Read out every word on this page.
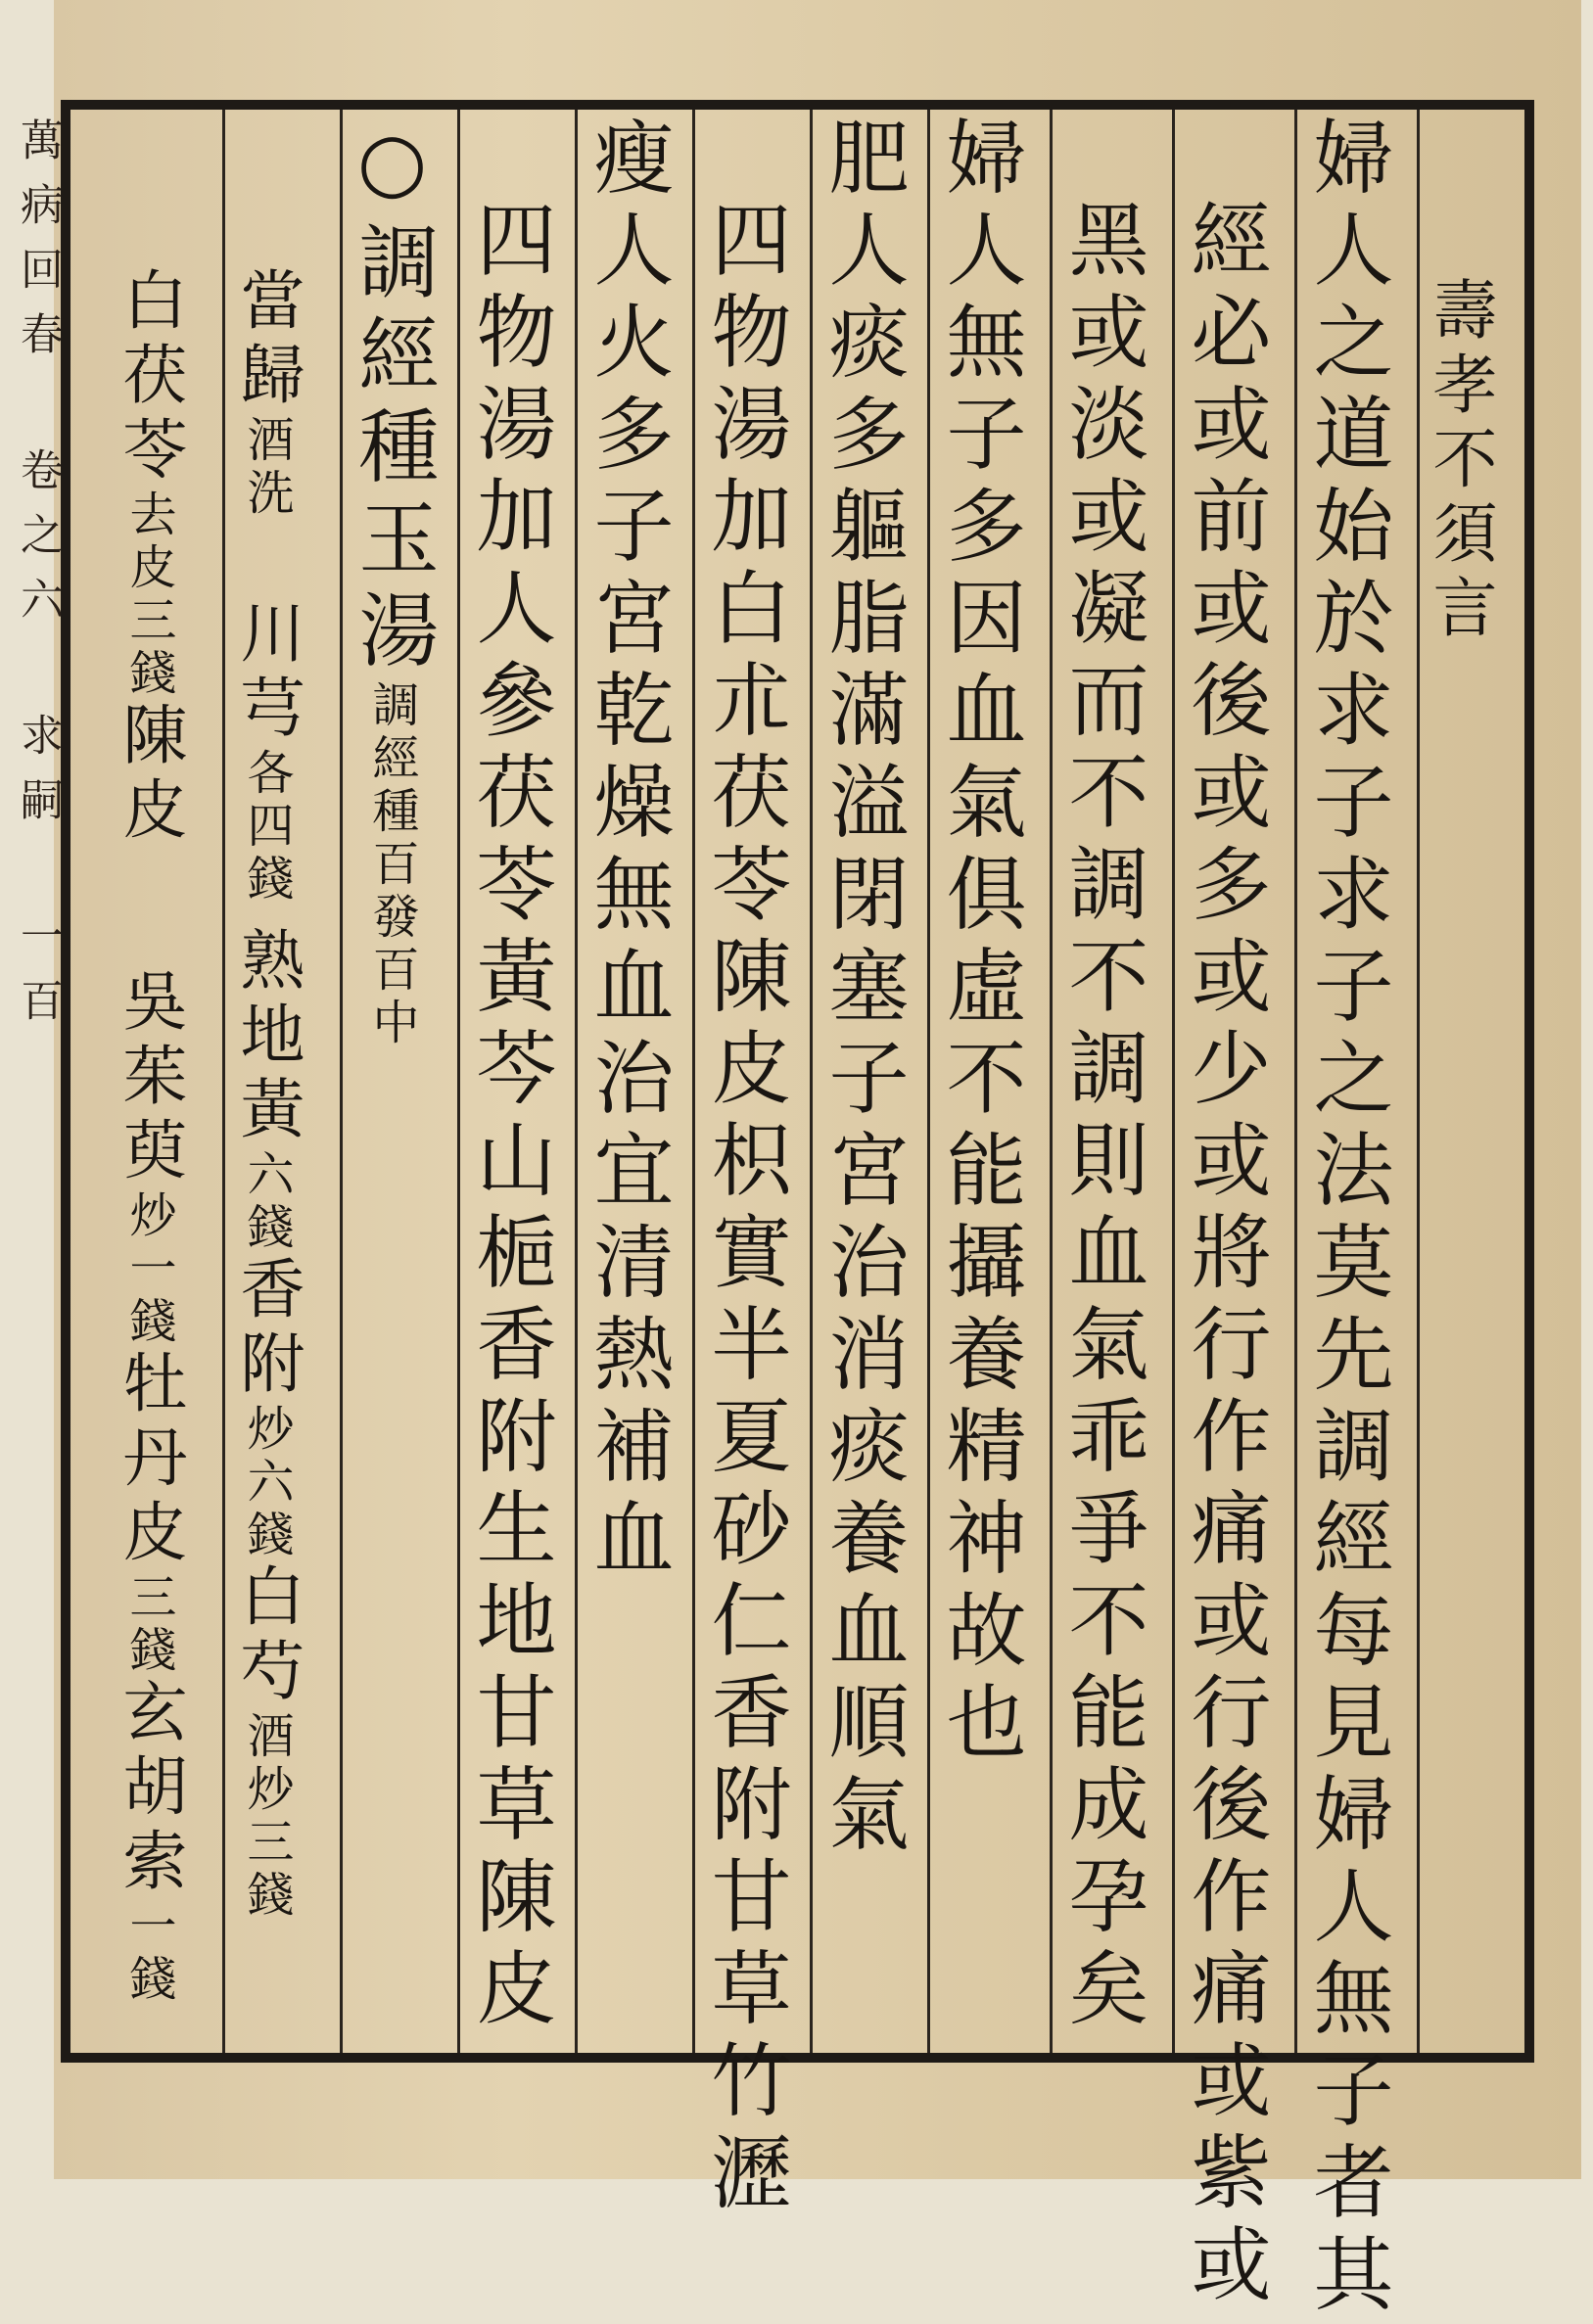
萬病回春 卷之六 求嗣 一百	壽孝不須言
婦人之道始於求子求子之法莫先調經每見婦人無子者其
經必或前或後或多或少或將行作痛或行後作痛或紫或
黑或淡或凝而不調不調則血氣乖爭不能成孕矣
婦人無子多因血氣俱虛不能攝養精神故也
肥人痰多軀脂滿溢閉塞子宮治消痰養血順氣
四物湯加白朮茯苓陳皮枳實半夏砂仁香附甘草竹瀝
瘦人火多子宮乾燥無血治宜清熱補血
四物湯加人參茯苓黃芩山梔香附生地甘草陳皮
○調經種玉湯調經種百發百中
當歸酒洗川芎各四錢熟地黃六錢香附炒六錢白芍酒炒三錢
白茯苓去皮三錢陳皮吳茱萸炒一錢牡丹皮三錢玄胡索一錢
